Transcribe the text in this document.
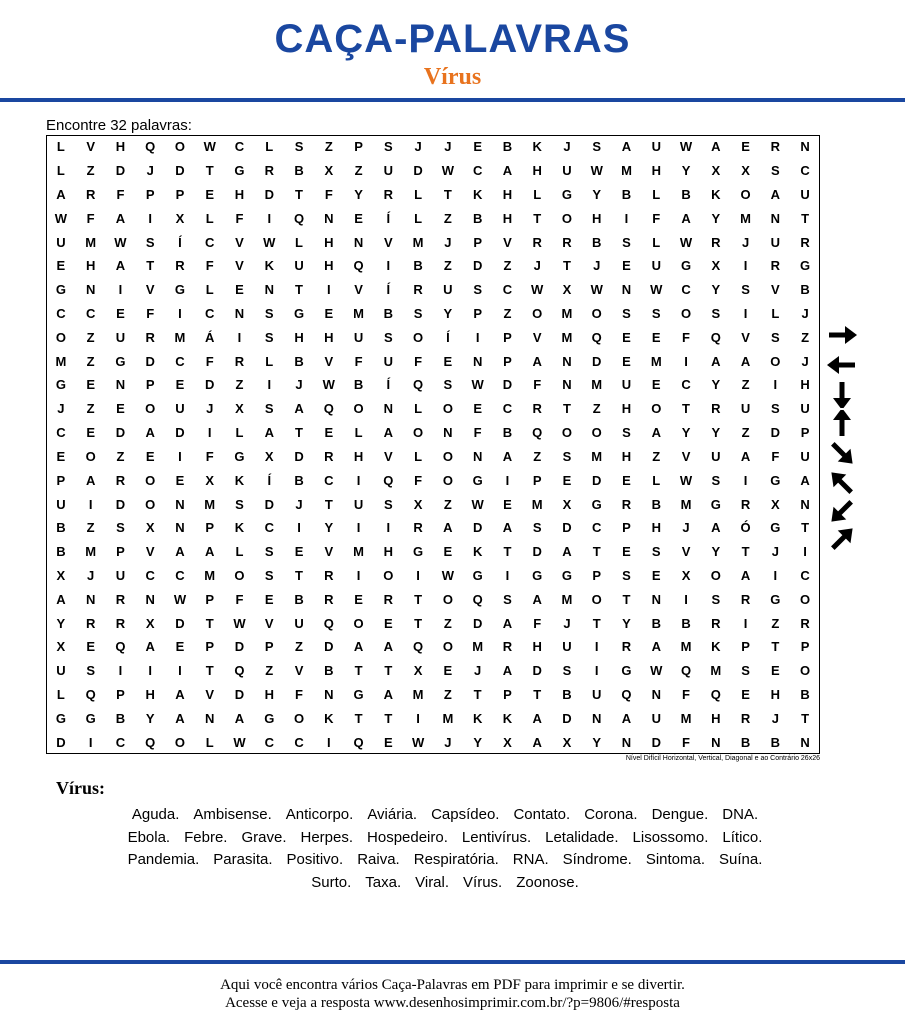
CAÇA-PALAVRAS
Vírus
Encontre 32 palavras:
L	V	H	Q	O	W	C	L	S	Z	P	S	J	J	E	B	K	J	S	A	U	W	A	E	R	N
L	Z	D	J	D	T	G	R	B	X	Z	U	D	W	C	A	H	U	W	M	H	Y	X	X	S	C
A	R	F	P	P	E	H	D	T	F	Y	R	L	T	K	H	L	G	Y	B	L	B	K	O	A	U
W	F	A	I	X	L	F	I	Q	N	E	Í	L	Z	B	H	T	O	H	I	F	A	Y	M	N	T
U	M	W	S	Í	C	V	W	L	H	N	V	M	J	P	V	R	R	B	S	L	W	R	J	U	R
E	H	A	T	R	F	V	K	U	H	Q	I	B	Z	D	Z	J	T	J	E	U	G	X	I	R	G
G	N	I	V	G	L	E	N	T	I	V	Í	R	U	S	C	W	X	W	N	W	C	Y	S	V	B
C	C	E	F	I	C	N	S	G	E	M	B	S	Y	P	Z	O	M	O	S	S	O	S	I	L	J
O	Z	U	R	M	Á	I	S	H	H	U	S	O	Í	I	P	V	M	Q	E	E	F	Q	V	S	Z
M	Z	G	D	C	F	R	L	B	V	F	U	F	E	N	P	A	N	D	E	M	I	A	A	O	J
G	E	N	P	E	D	Z	I	J	W	B	Í	Q	S	W	D	F	N	M	U	E	C	Y	Z	I	H
J	Z	E	O	U	J	X	S	A	Q	O	N	L	O	E	C	R	T	Z	H	O	T	R	U	S	U
C	E	D	A	D	I	L	A	T	E	L	A	O	N	F	B	Q	O	O	S	A	Y	Y	Z	D	P
E	O	Z	E	I	F	G	X	D	R	H	V	L	O	N	A	Z	S	M	H	Z	V	U	A	F	U
P	A	R	O	E	X	K	Í	B	C	I	Q	F	O	G	I	P	E	D	E	L	W	S	I	G	A
U	I	D	O	N	M	S	D	J	T	U	S	X	Z	W	E	M	X	G	R	B	M	G	R	X	N
B	Z	S	X	N	P	K	C	I	Y	I	I	R	A	D	A	S	D	C	P	H	J	A	Ó	G	T
B	M	P	V	A	A	L	S	E	V	M	H	G	E	K	T	D	A	T	E	S	V	Y	T	J	I
X	J	U	C	C	M	O	S	T	R	I	O	I	W	G	I	G	G	P	S	E	X	O	A	I	C
A	N	R	N	W	P	F	E	B	R	E	R	T	O	Q	S	A	M	O	T	N	I	S	R	G	O
Y	R	R	X	D	T	W	V	U	Q	O	E	T	Z	D	A	F	J	T	Y	B	B	R	I	Z	R
X	E	Q	A	E	P	D	P	Z	D	A	A	Q	O	M	R	H	U	I	R	A	M	K	P	T	P
U	S	I	I	I	T	Q	Z	V	B	T	T	X	E	J	A	D	S	I	G	W	Q	M	S	E	O
L	Q	P	H	A	V	D	H	F	N	G	A	M	Z	T	P	T	B	U	Q	N	F	Q	E	H	B
G	G	B	Y	A	N	A	G	O	K	T	T	I	M	K	K	A	D	N	A	U	M	H	R	J	T
D	I	C	Q	O	L	W	C	C	I	Q	E	W	J	Y	X	A	X	Y	N	D	F	N	B	B	N
Nível Difícil Horizontal, Vertical, Diagonal e ao Contrário 26x26
Vírus:
Aguda. Ambisense. Anticorpo. Aviária. Capsídeo. Contato. Corona. Dengue. DNA.
Ebola. Febre. Grave. Herpes. Hospedeiro. Lentivírus. Letalidade. Lisossomo. Lítico.
Pandemia. Parasita. Positivo. Raiva. Respiratória. RNA. Síndrome. Sintoma. Suína.
Surto. Taxa. Viral. Vírus. Zoonose.
Aqui você encontra vários Caça-Palavras em PDF para imprimir e se divertir.
Acesse e veja a resposta www.desenhosimprimir.com.br/?p=9806/#resposta
